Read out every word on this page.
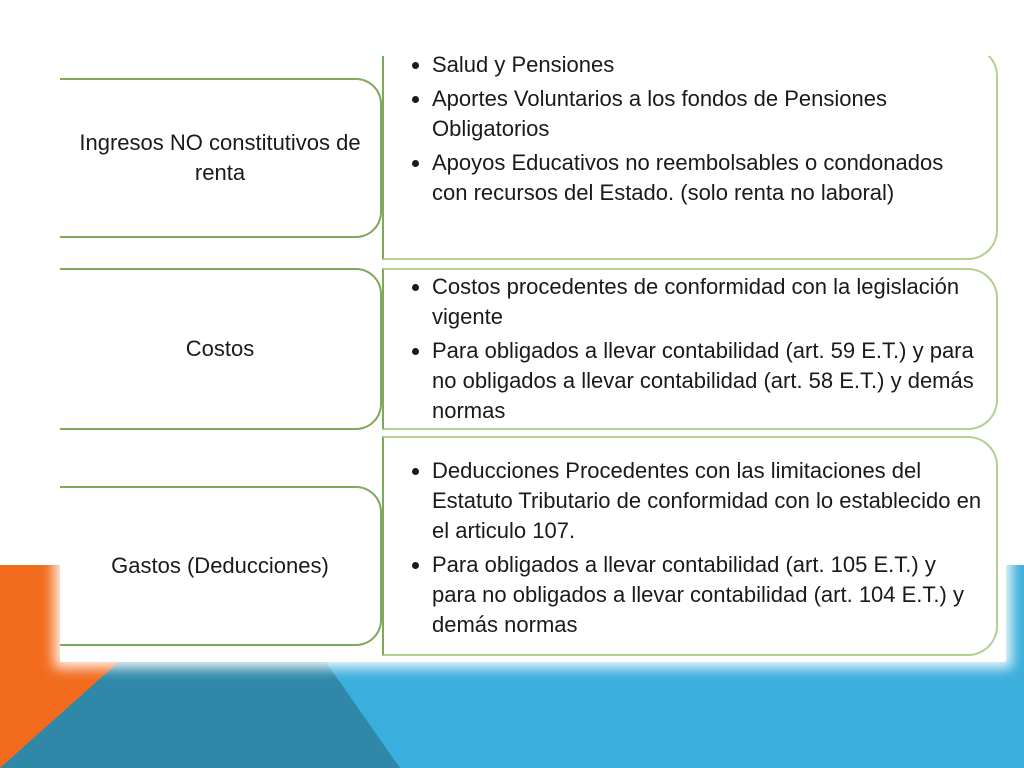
Ingresos NO constitutivos de renta
• Salud y Pensiones
• Aportes Voluntarios a los fondos de Pensiones Obligatorios
• Apoyos Educativos no reembolsables o condonados con recursos del Estado. (solo renta no laboral)
Costos
• Costos procedentes de conformidad con la legislación vigente
• Para obligados a llevar contabilidad (art. 59 E.T.) y para no obligados a llevar contabilidad (art. 58 E.T.) y demás normas
Gastos (Deducciones)
• Deducciones Procedentes con las limitaciones del Estatuto Tributario de conformidad con lo establecido en el articulo 107.
• Para obligados a llevar contabilidad (art. 105 E.T.) y para no obligados a llevar contabilidad (art. 104 E.T.) y demás normas
